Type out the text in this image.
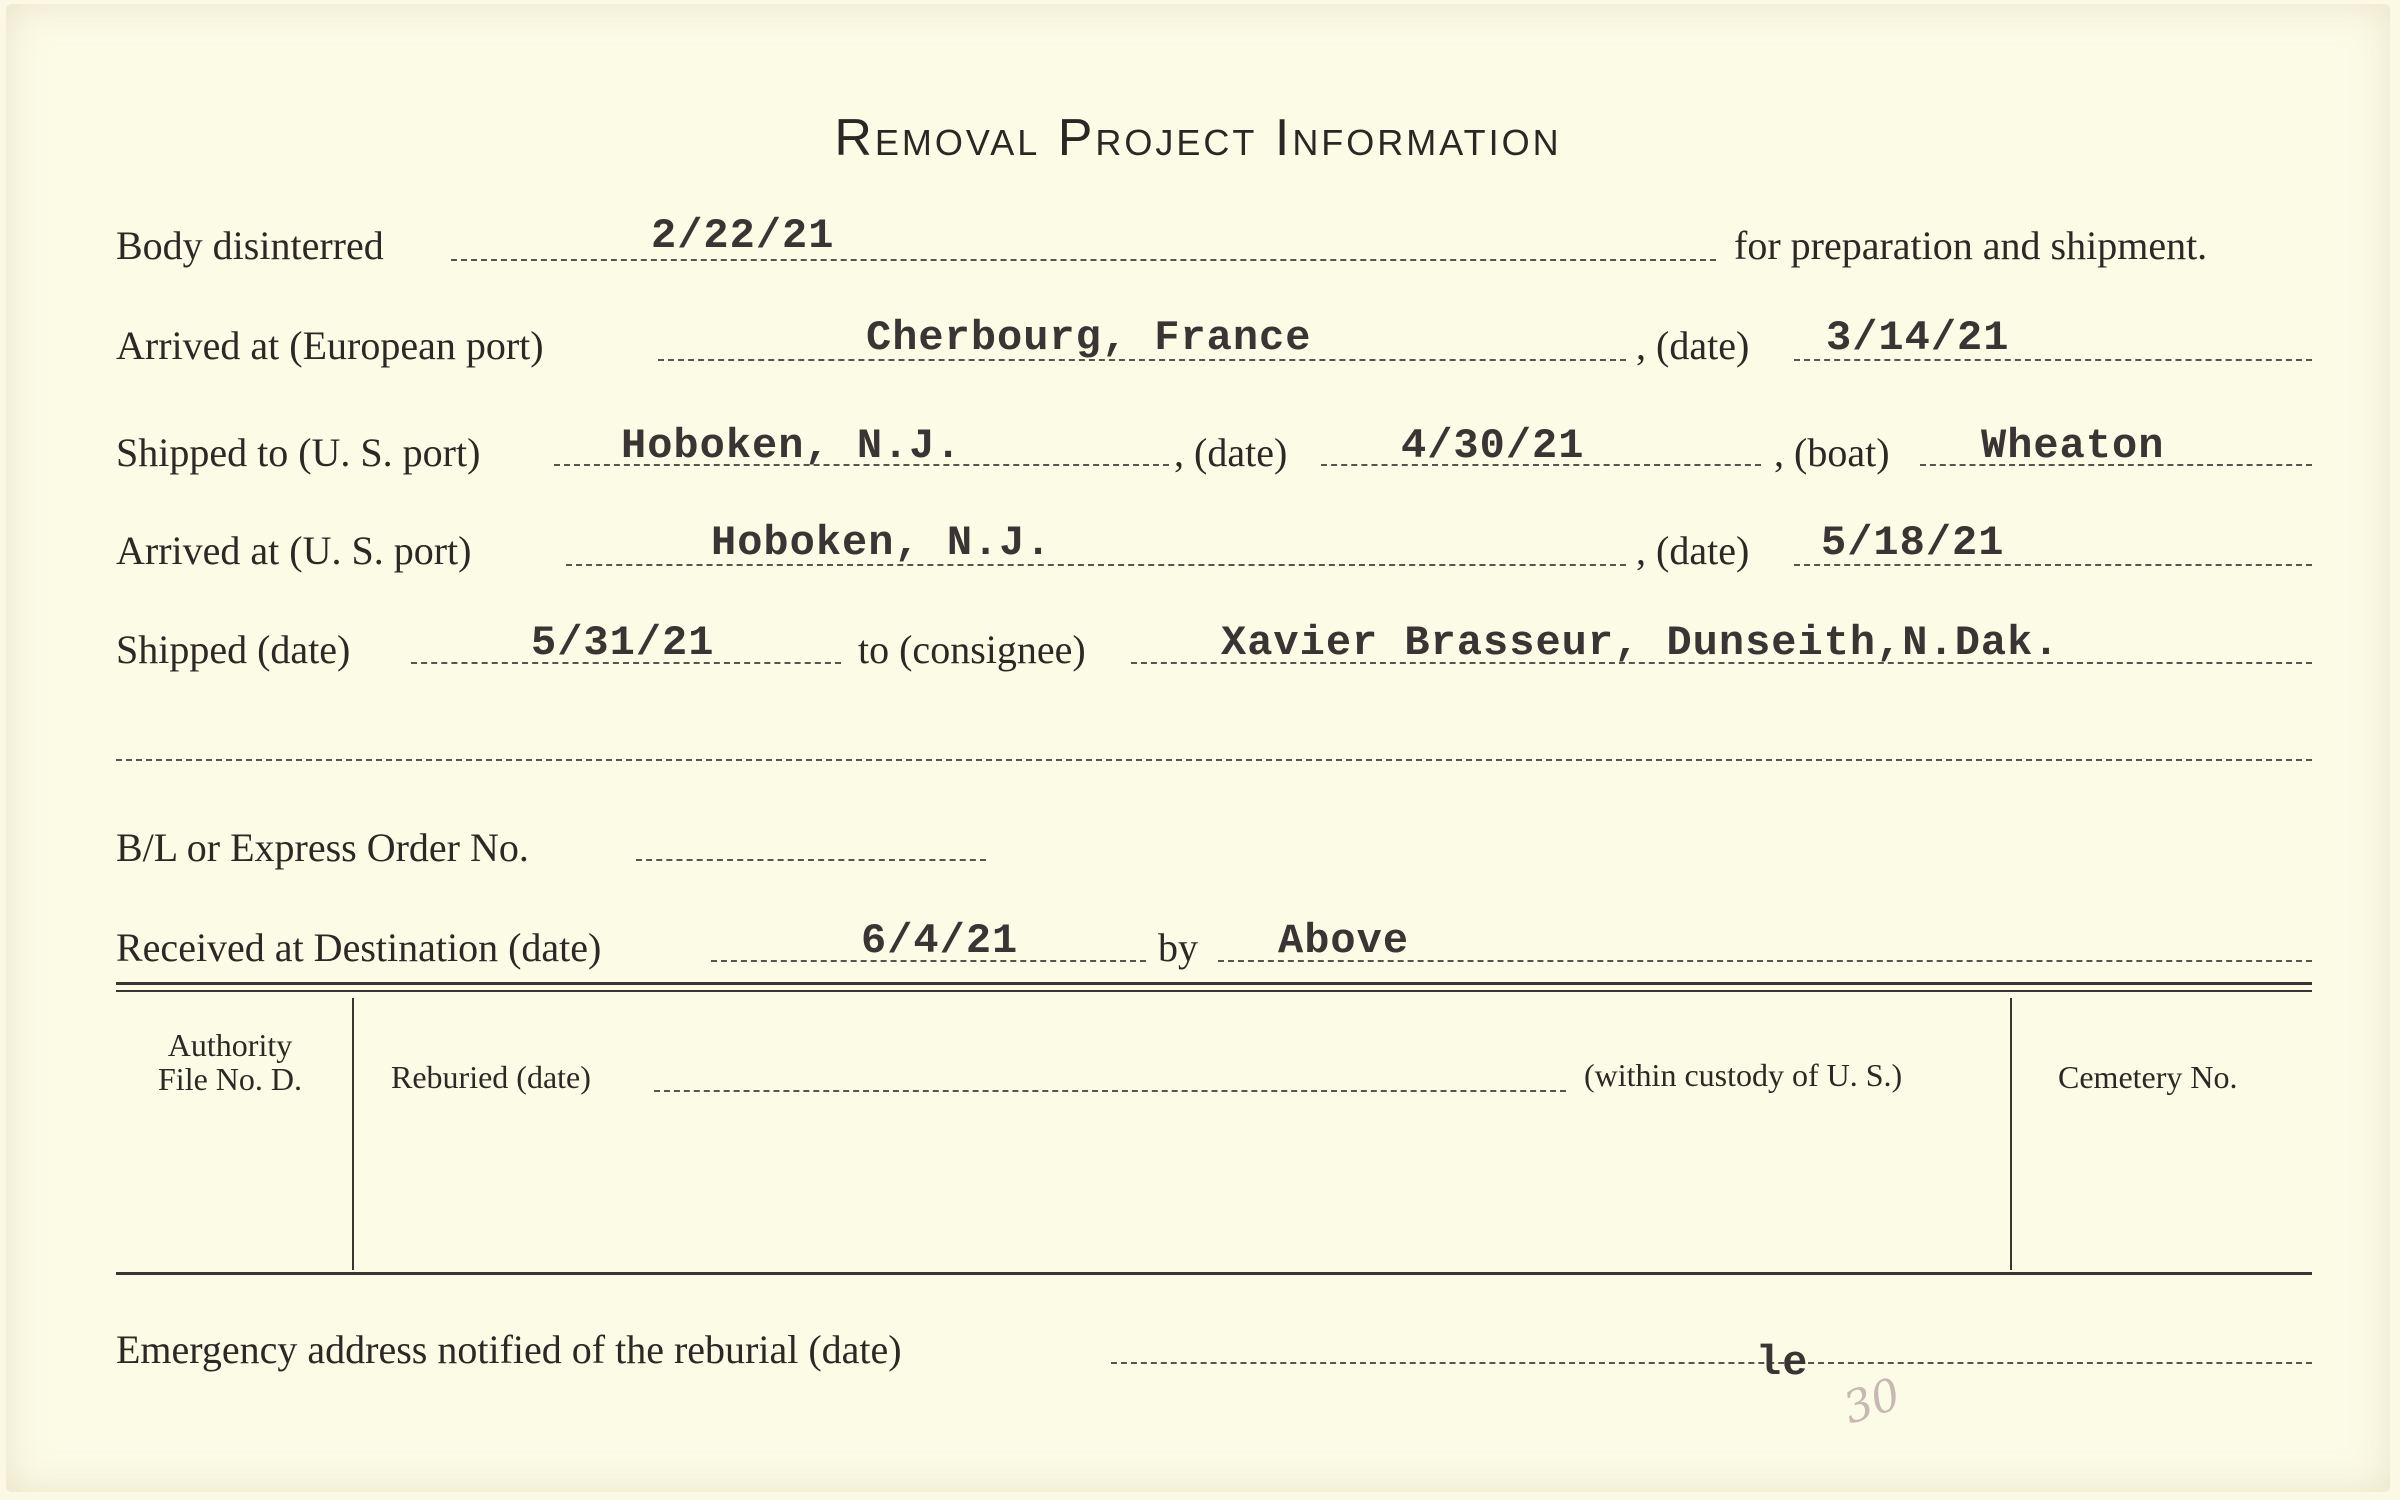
Removal Project Information
Body disinterred	2/22/21	for preparation and shipment.
Arrived at (European port)	Cherbourg, France	, (date) 3/14/21
Shipped to (U. S. port)	Hoboken, N.J.	, (date)	4/30/21	, (boat) Wheaton
Arrived at (U. S. port)	Hoboken, N.J.	, (date) 5/18/21
Shipped (date)	5/31/21	to (consignee)	Xavier Brasseur, Dunseith,N.Dak.
B/L or Express Order No.
Received at Destination (date)	6/4/21	by Above
Authority
File No. D.	Reburied (date)	(within custody of U. S.)	Cemetery No.
Emergency address notified of the reburial (date)	le
30
